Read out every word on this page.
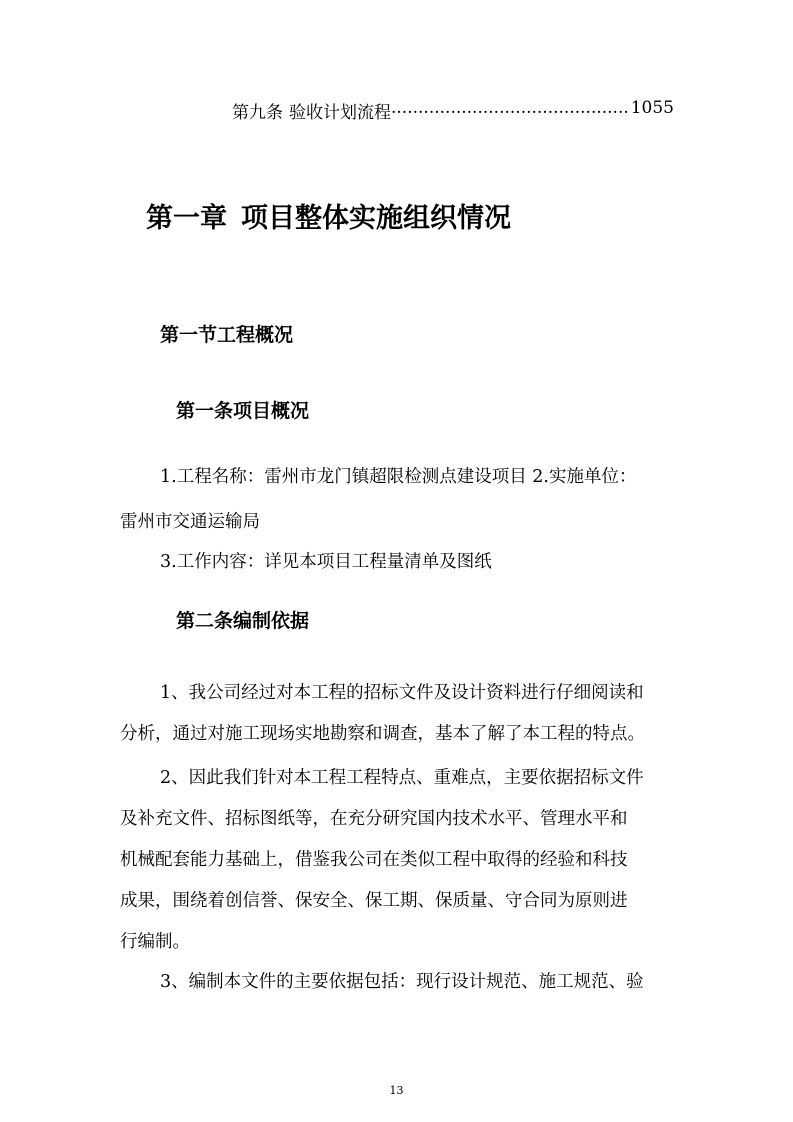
第九条 验收计划流程
.....	1055
第一章 项目整体实施组织情况
第一节工程概况
第一条项目概况

1.工程名称：雷州市龙门镇超限检测点建设项目 2.实施单位：

雷州市交通运输局

3.工作内容：详见本项目工程量清单及图纸

第二条编制依据

1、我公司经过对本工程的招标文件及设计资料进行仔细阅读和

分析，通过对施工现场实地勘察和调查，基本了解了本工程的特点。

2、因此我们针对本工程工程特点、重难点，主要依据招标文件

及补充文件、招标图纸等，在充分研究国内技术水平、管理水平和

机械配套能力基础上，借鉴我公司在类似工程中取得的经验和科技

成果，围绕着创信誉、保安全、保工期、保质量、守合同为原则进

行编制。

3、编制本文件的主要依据包括：现行设计规范、施工规范、验

13
